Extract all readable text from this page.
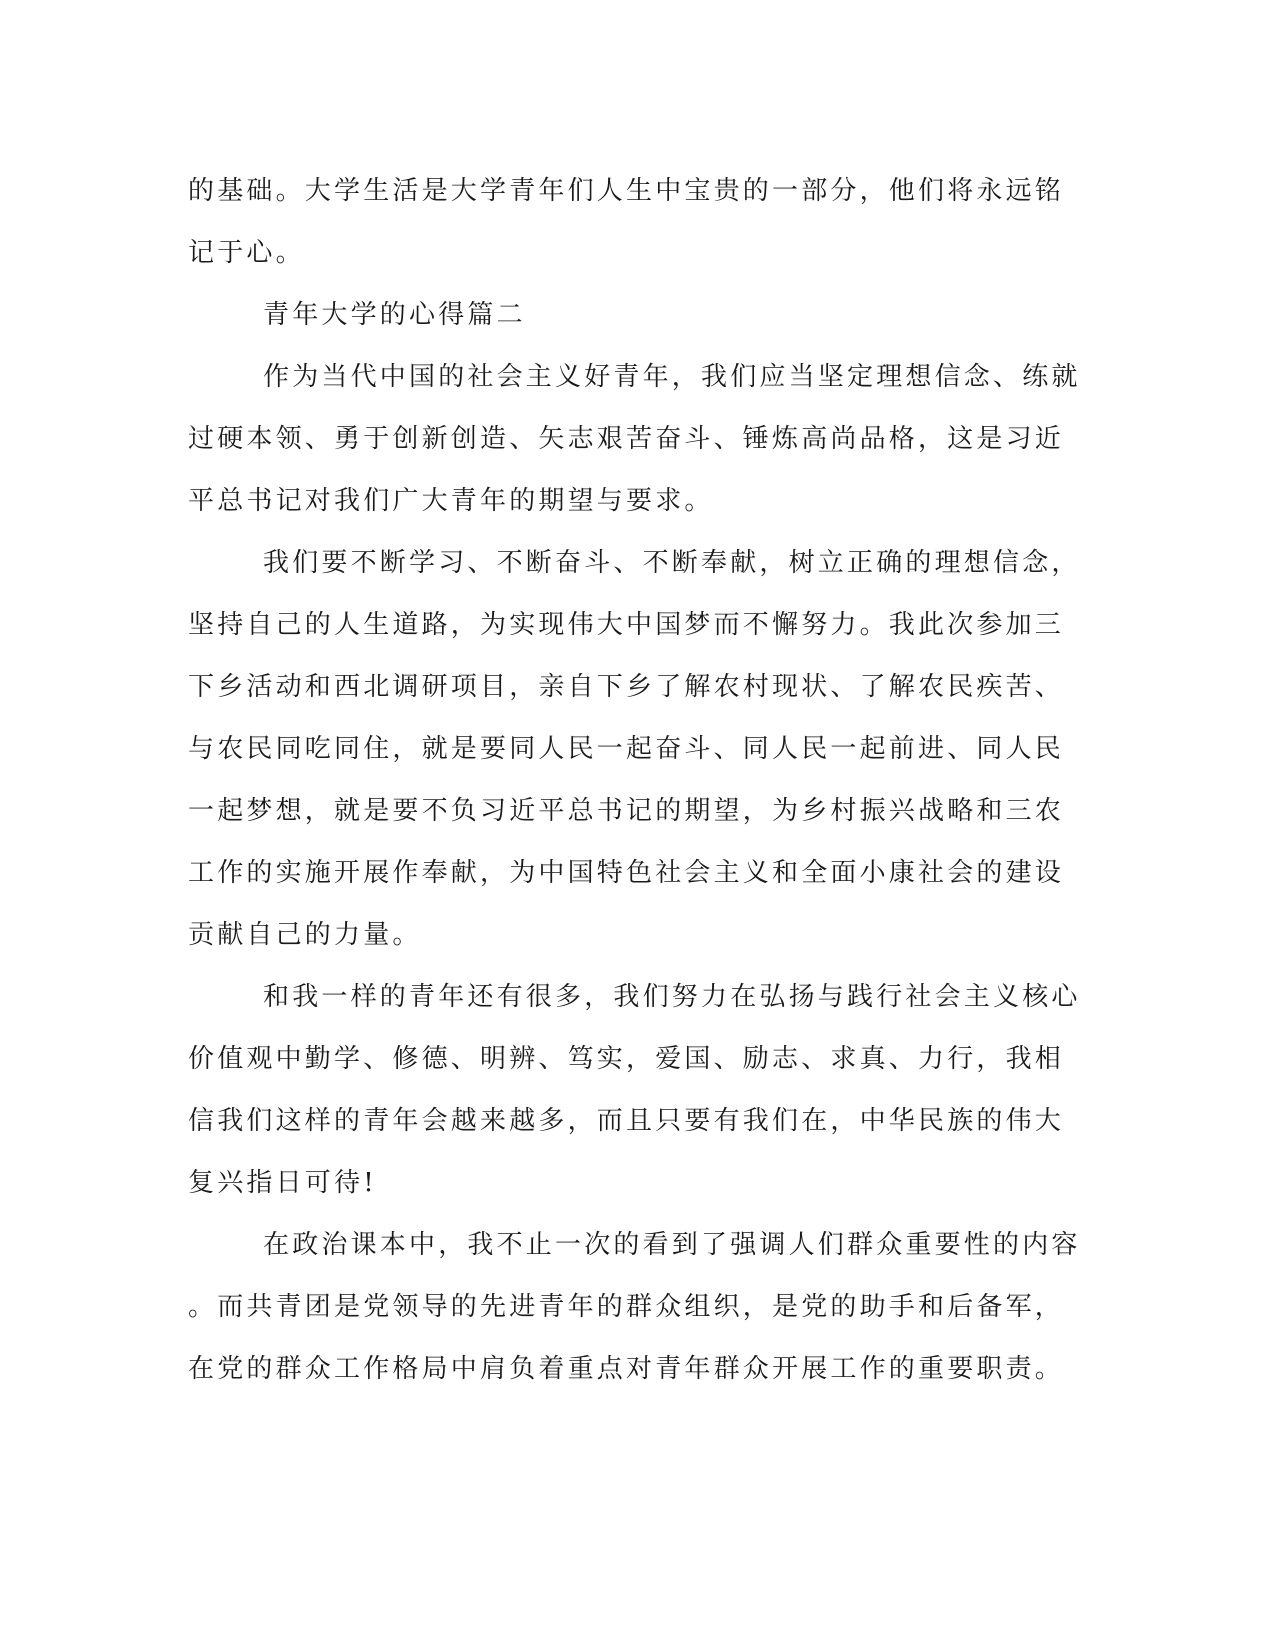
的基础。大学生活是大学青年们人生中宝贵的一部分，他们将永远铭
记于心。
青年大学的心得篇二
作为当代中国的社会主义好青年，我们应当坚定理想信念、练就
过硬本领、勇于创新创造、矢志艰苦奋斗、锤炼高尚品格，这是习近
平总书记对我们广大青年的期望与要求。
我们要不断学习、不断奋斗、不断奉献，树立正确的理想信念，
坚持自己的人生道路，为实现伟大中国梦而不懈努力。我此次参加三
下乡活动和西北调研项目，亲自下乡了解农村现状、了解农民疾苦、
与农民同吃同住，就是要同人民一起奋斗、同人民一起前进、同人民
一起梦想，就是要不负习近平总书记的期望，为乡村振兴战略和三农
工作的实施开展作奉献，为中国特色社会主义和全面小康社会的建设
贡献自己的力量。
和我一样的青年还有很多，我们努力在弘扬与践行社会主义核心
价值观中勤学、修德、明辨、笃实，爱国、励志、求真、力行，我相
信我们这样的青年会越来越多，而且只要有我们在，中华民族的伟大
复兴指日可待!
在政治课本中，我不止一次的看到了强调人们群众重要性的内容
。而共青团是党领导的先进青年的群众组织，是党的助手和后备军，
在党的群众工作格局中肩负着重点对青年群众开展工作的重要职责。
